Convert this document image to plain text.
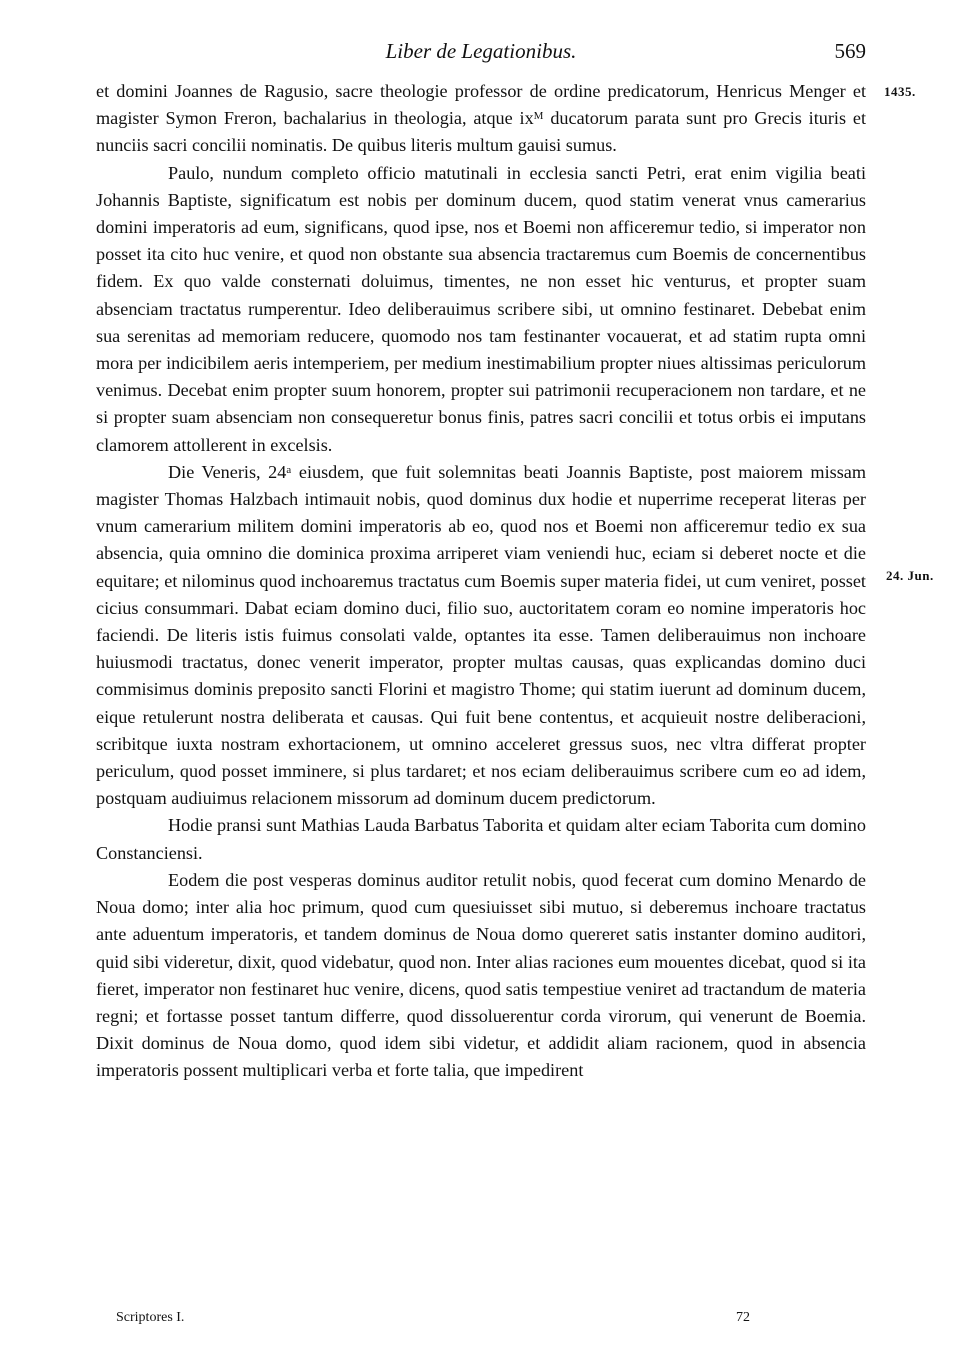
Liber de Legationibus.	569
1435.
24. Jun.

et domini Joannes de Ragusio, sacre theologie professor de ordine predicatorum, Henricus Menger et magister Symon Freron, bachalarius in theologia, atque ixᴹ ducatorum parata sunt pro Grecis ituris et nunciis sacri concilii nominatis. De quibus literis multum gauisi sumus.

Paulo, nundum completo officio matutinali in ecclesia sancti Petri, erat enim vigilia beati Johannis Baptiste, significatum est nobis per dominum ducem, quod statim venerat vnus camerarius domini imperatoris ad eum, significans, quod ipse, nos et Boemi non afficeremur tedio, si imperator non posset ita cito huc venire, et quod non obstante sua absencia tractaremus cum Boemis de concernentibus fidem. Ex quo valde consternati doluimus, timentes, ne non esset hic venturus, et propter suam absenciam tractatus rumperentur. Ideo deliberauimus scribere sibi, ut omnino festinaret. Debebat enim sua serenitas ad memoriam reducere, quomodo nos tam festinanter vocauerat, et ad statim rupta omni mora per indicibilem aeris intemperiem, per medium inestimabilium propter niues altissimas periculorum venimus. Decebat enim propter suum honorem, propter sui patrimonii recuperacionem non tardare, et ne si propter suam absenciam non consequeretur bonus finis, patres sacri concilii et totus orbis ei imputans clamorem attollerent in excelsis.

Die Veneris, 24ᵃ eiusdem, que fuit solemnitas beati Joannis Baptiste, post maiorem missam magister Thomas Halzbach intimauit nobis, quod dominus dux hodie et nuperrime receperat literas per vnum camerarium militem domini imperatoris ab eo, quod nos et Boemi non afficeremur tedio ex sua absencia, quia omnino die dominica proxima arriperet viam veniendi huc, eciam si deberet nocte et die equitare; et nilominus quod inchoaremus tractatus cum Boemis super materia fidei, ut cum veniret, posset cicius consummari. Dabat eciam domino duci, filio suo, auctoritatem coram eo nomine imperatoris hoc faciendi. De literis istis fuimus consolati valde, optantes ita esse. Tamen deliberauimus non inchoare huiusmodi tractatus, donec venerit imperator, propter multas causas, quas explicandas domino duci commisimus dominis preposito sancti Florini et magistro Thome; qui statim iuerunt ad dominum ducem, eique retulerunt nostra deliberata et causas. Qui fuit bene contentus, et acquieuit nostre deliberacioni, scribitque iuxta nostram exhortacionem, ut omnino acceleret gressus suos, nec vltra differat propter periculum, quod posset imminere, si plus tardaret; et nos eciam deliberauimus scribere cum eo ad idem, postquam audiuimus relacionem missorum ad dominum ducem predictorum.

Hodie pransi sunt Mathias Lauda Barbatus Taborita et quidam alter eciam Taborita cum domino Constanciensi.

Eodem die post vesperas dominus auditor retulit nobis, quod fecerat cum domino Menardo de Noua domo; inter alia hoc primum, quod cum quesiuisset sibi mutuo, si deberemus inchoare tractatus ante aduentum imperatoris, et tandem dominus de Noua domo quereret satis instanter domino auditori, quid sibi videretur, dixit, quod videbatur, quod non. Inter alias raciones eum mouentes dicebat, quod si ita fieret, imperator non festinaret huc venire, dicens, quod satis tempestiue veniret ad tractandum de materia regni; et fortasse posset tantum differre, quod dissoluerentur corda virorum, qui venerunt de Boemia. Dixit dominus de Noua domo, quod idem sibi videtur, et addidit aliam racionem, quod in absencia imperatoris possent multiplicari verba et forte talia, que impedirent

Scriptores I.	72
